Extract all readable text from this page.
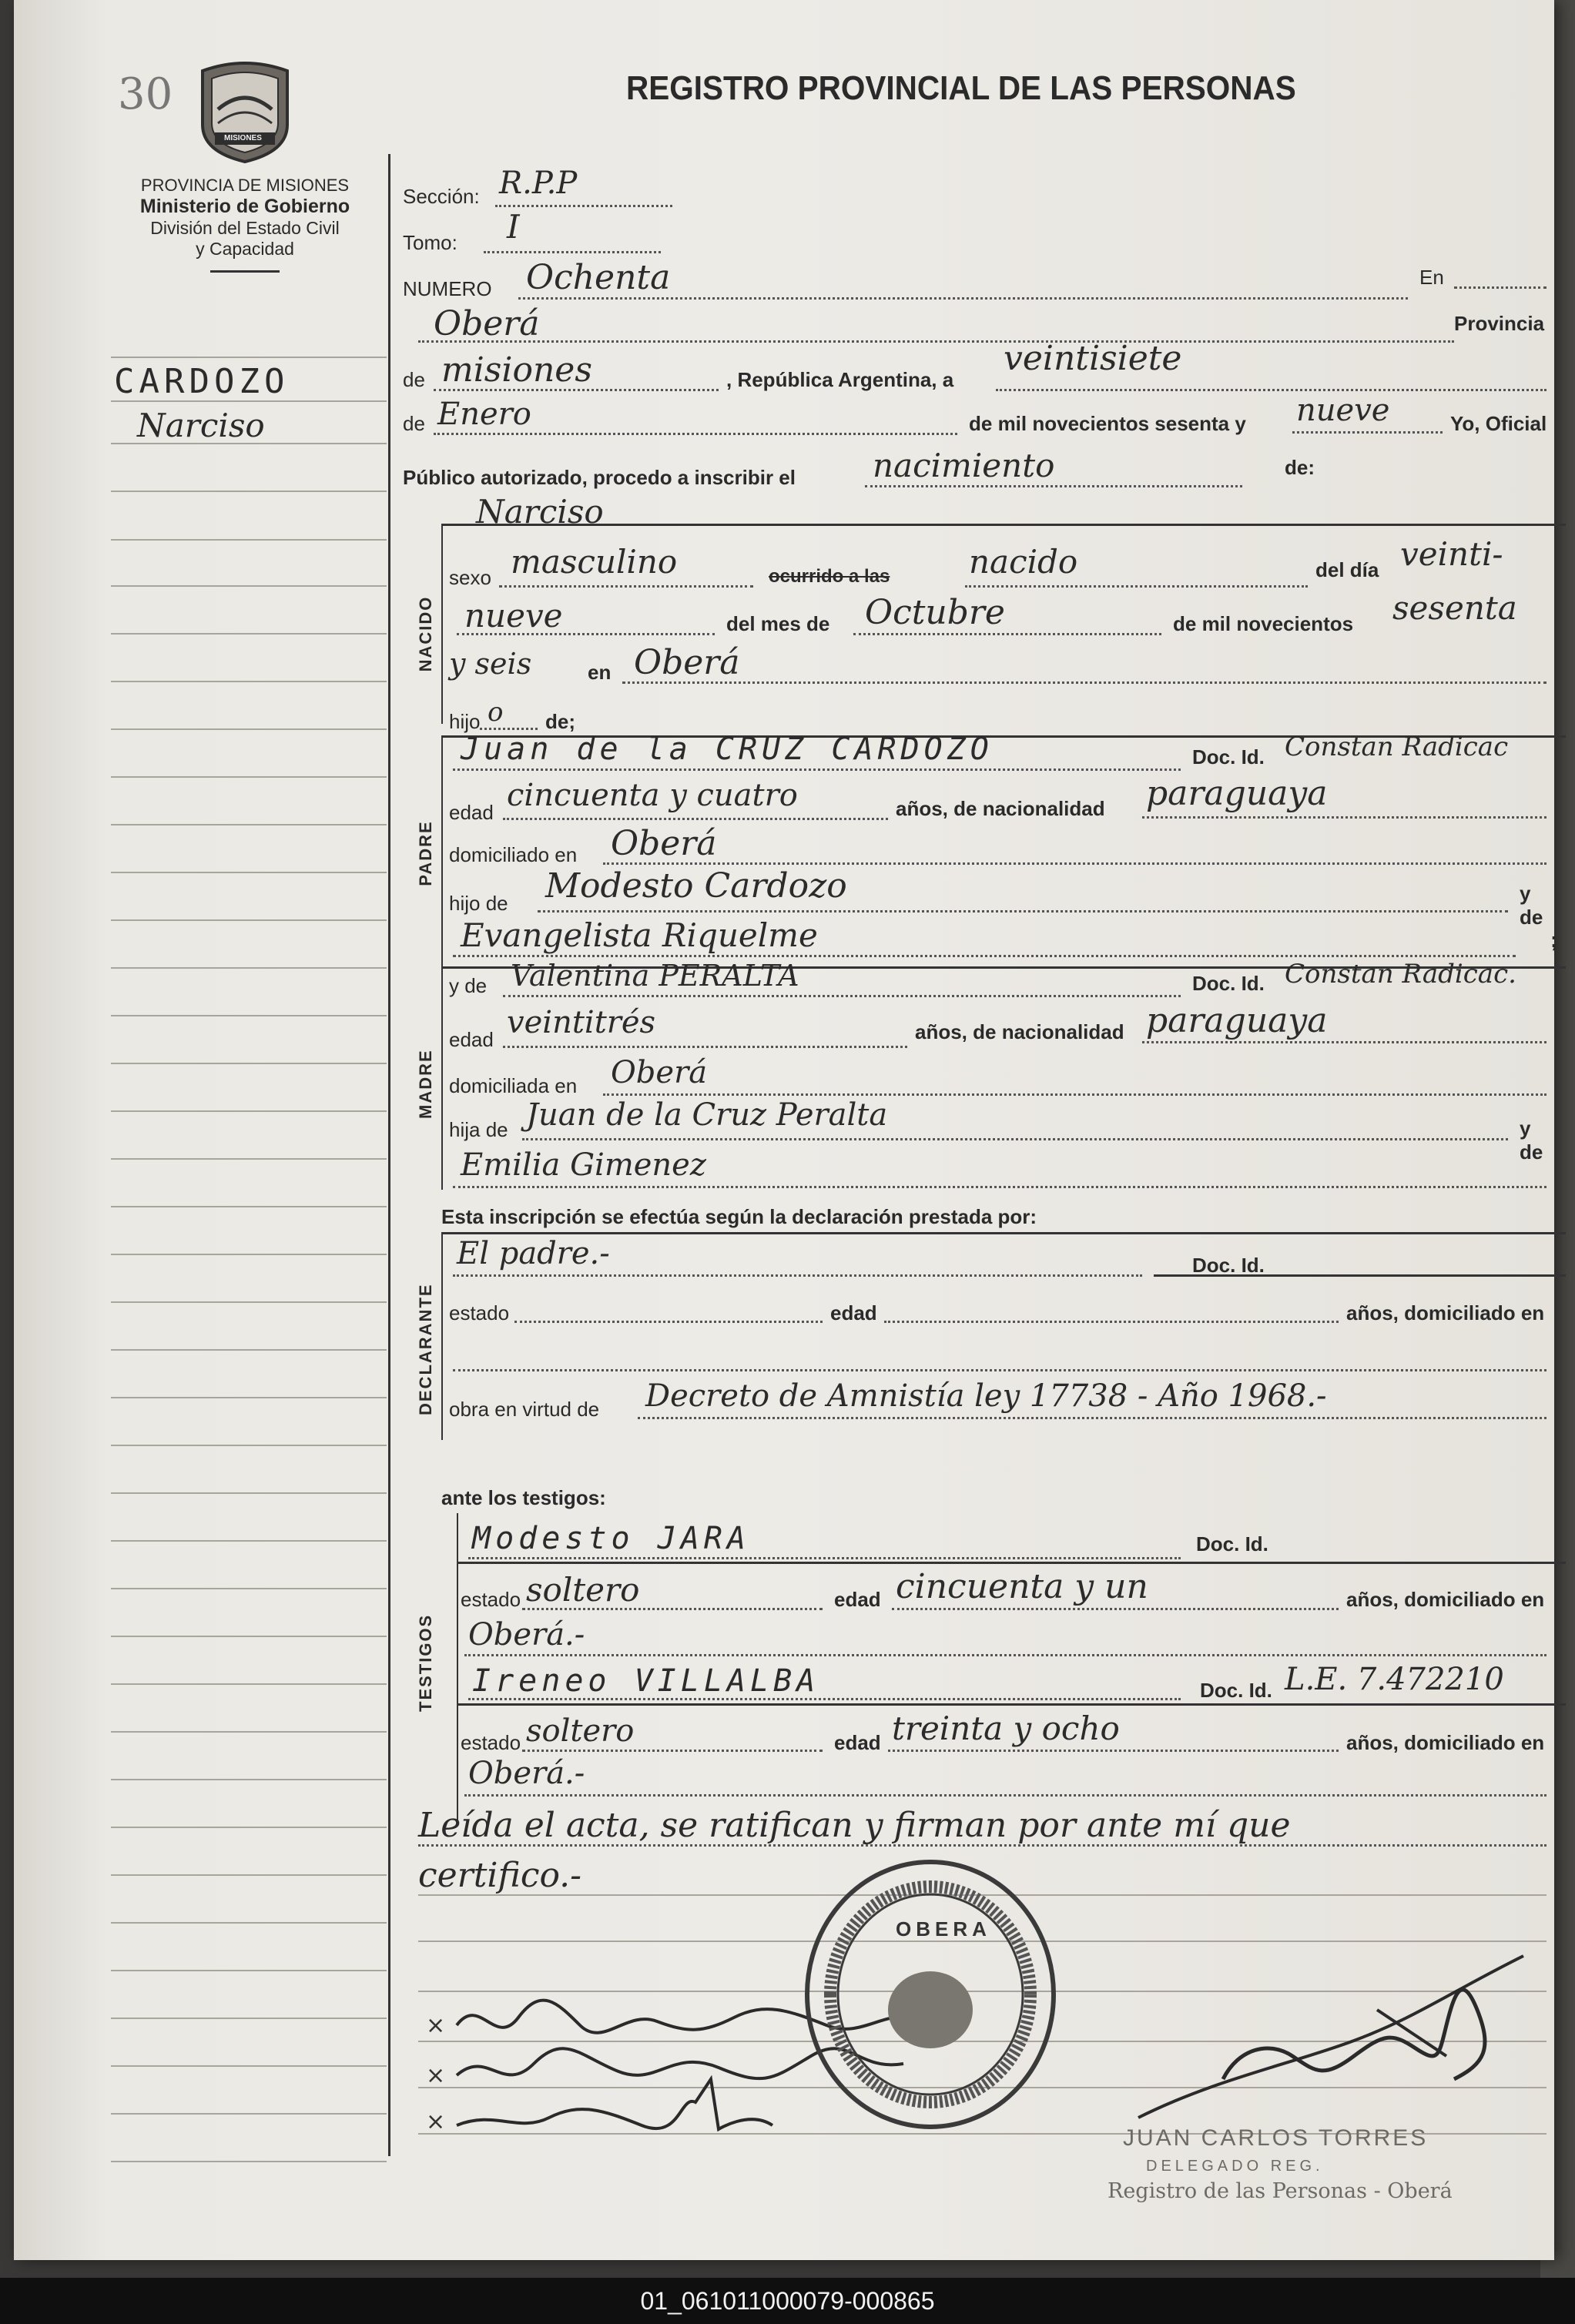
30
MISIONES
PROVINCIA DE MISIONES
Ministerio de Gobierno
División del Estado Civil
y Capacidad
REGISTRO PROVINCIAL DE LAS PERSONAS
CARDOZO
Narciso
Sección: R.P.P
Tomo: I
NUMERO Ochenta	En
Oberá	Provincia
de misiones	, República Argentina, a
veintisiete
de Enero	de mil novecientos sesenta y nueve	Yo, Oficial
Público autorizado, procedo a inscribir el nacimiento	de:
NACIDO
Narciso
sexo masculino	ocurrido a las nacido	del día veinti-
nueve	del mes de Octubre	de mil novecientos sesenta
y seis	en Oberá
hijo o de;
PADRE
Juan de la CRUZ CARDOZO	Doc. Id. Constan Radicac
edad cincuenta y cuatro	años, de nacionalidad paraguaya
domiciliado en Oberá
hijo de Modesto Cardozo	y de
Evangelista Riquelme	;
MADRE
y de Valentina PERALTA	Doc. Id. Constan Radicac.
edad veintitrés	años, de nacionalidad paraguaya
domiciliada en Oberá
hija de Juan de la Cruz Peralta	y de
Emilia Gimenez
Esta inscripción se efectúa según la declaración prestada por:
DECLARANTE
El padre.-	Doc. Id.
estado	edad	años, domiciliado en
obra en virtud de Decreto de Amnistía ley 17738 - Año 1968.-
ante los testigos:
TESTIGOS
Modesto JARA	Doc. Id.
estado soltero	edad cincuenta y un	años, domiciliado en
Oberá.-
Ireneo VILLALBA	Doc. Id. L.E. 7.472210
estado soltero	edad treinta y ocho	años, domiciliado en
Oberá.-
Leída el acta, se ratifican y firman por ante mí que
certifico.-
×
×
×
OBERA
JUAN CARLOS TORRES
DELEGADO REG.
Registro de las Personas - Oberá
01_061011000079-000865
